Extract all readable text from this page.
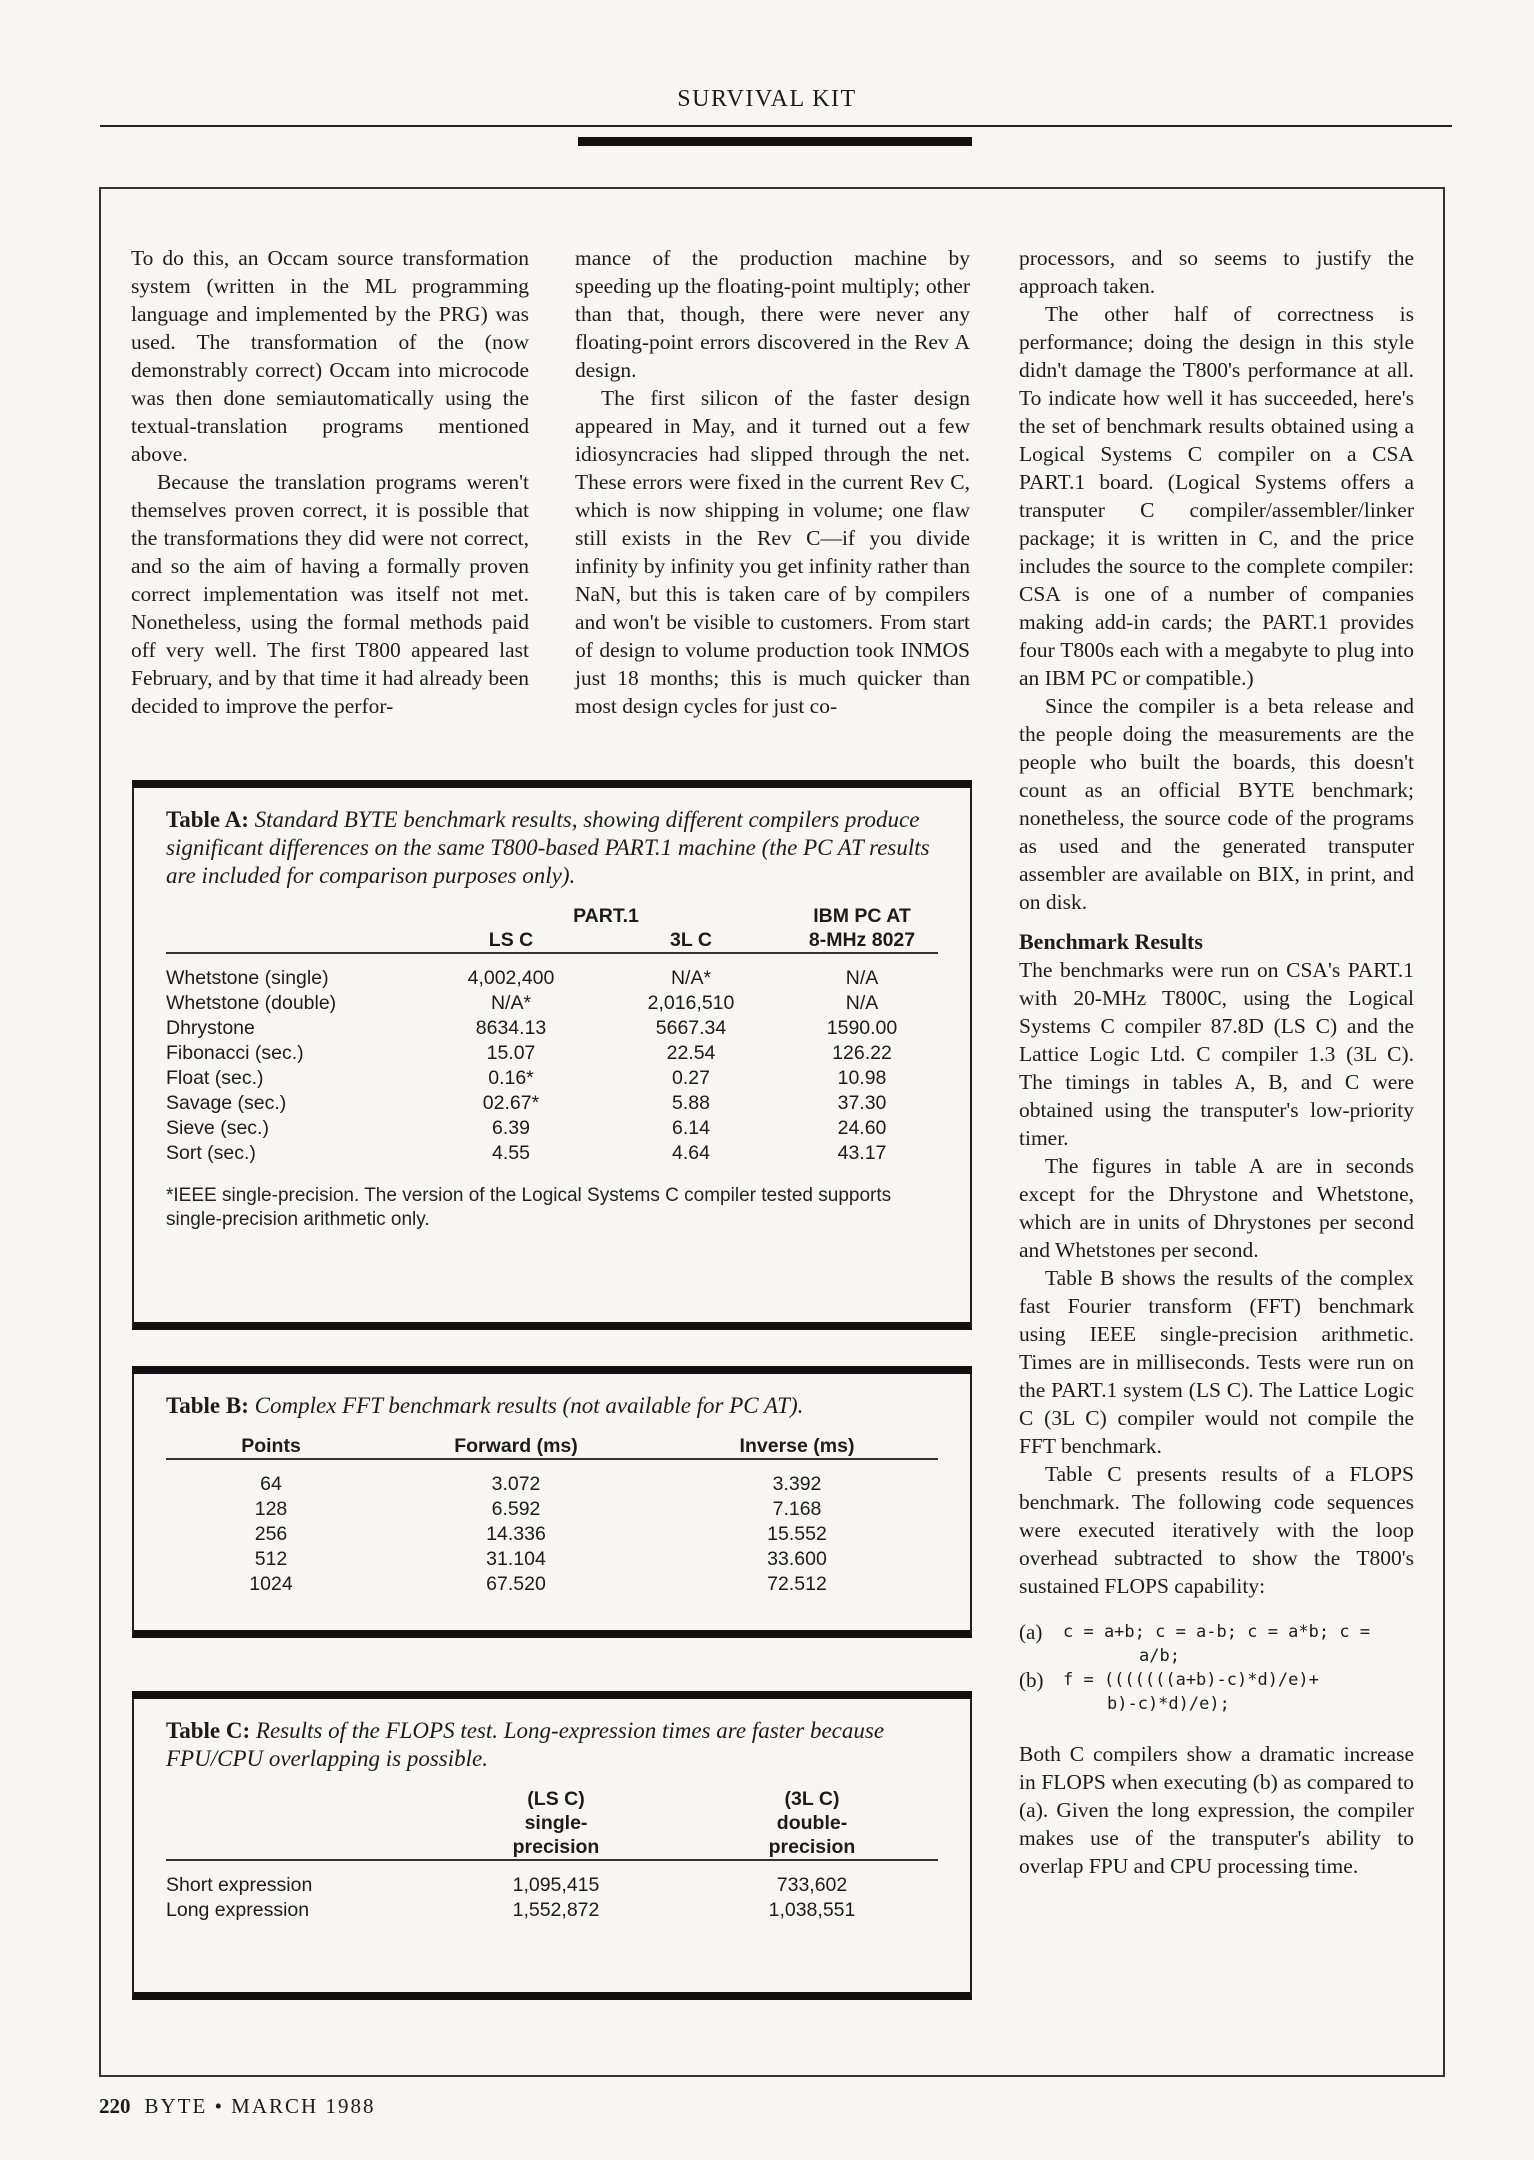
SURVIVAL KIT

To do this, an Occam source transformation system (written in the ML programming language and implemented by the PRG) was used. The transformation of the (now demonstrably correct) Occam into microcode was then done semiautomatically using the textual-translation programs mentioned above.

Because the translation programs weren't themselves proven correct, it is possible that the transformations they did were not correct, and so the aim of having a formally proven correct implementation was itself not met. Nonetheless, using the formal methods paid off very well. The first T800 appeared last February, and by that time it had already been decided to improve the perfor-

mance of the production machine by speeding up the floating-point multiply; other than that, though, there were never any floating-point errors discovered in the Rev A design.

The first silicon of the faster design appeared in May, and it turned out a few idiosyncracies had slipped through the net. These errors were fixed in the current Rev C, which is now shipping in volume; one flaw still exists in the Rev C—if you divide infinity by infinity you get infinity rather than NaN, but this is taken care of by compilers and won't be visible to customers. From start of design to volume production took INMOS just 18 months; this is much quicker than most design cycles for just co-

processors, and so seems to justify the approach taken.

The other half of correctness is performance; doing the design in this style didn't damage the T800's performance at all. To indicate how well it has succeeded, here's the set of benchmark results obtained using a Logical Systems C compiler on a CSA PART.1 board. (Logical Systems offers a transputer C compiler/assembler/linker package; it is written in C, and the price includes the source to the complete compiler: CSA is one of a number of companies making add-in cards; the PART.1 provides four T800s each with a megabyte to plug into an IBM PC or compatible.)

Since the compiler is a beta release and the people doing the measurements are the people who built the boards, this doesn't count as an official BYTE benchmark; nonetheless, the source code of the programs as used and the generated transputer assembler are available on BIX, in print, and on disk.

Benchmark Results

The benchmarks were run on CSA's PART.1 with 20-MHz T800C, using the Logical Systems C compiler 87.8D (LS C) and the Lattice Logic Ltd. C compiler 1.3 (3L C). The timings in tables A, B, and C were obtained using the transputer's low-priority timer.

The figures in table A are in seconds except for the Dhrystone and Whetstone, which are in units of Dhrystones per second and Whetstones per second.

Table B shows the results of the complex fast Fourier transform (FFT) benchmark using IEEE single-precision arithmetic. Times are in milliseconds. Tests were run on the PART.1 system (LS C). The Lattice Logic C (3L C) compiler would not compile the FFT benchmark.

Table C presents results of a FLOPS benchmark. The following code sequences were executed iteratively with the loop overhead subtracted to show the T800's sustained FLOPS capability:

(a)	c = a+b; c = a-b; c = a*b; c =
a/b;
(b)	f = (((((((a+b)-c)*d)/e)+
b)-c)*d)/e);

Both C compilers show a dramatic increase in FLOPS when executing (b) as compared to (a). Given the long expression, the compiler makes use of the transputer's ability to overlap FPU and CPU processing time.

Table A: Standard BYTE benchmark results, showing different compilers produce significant differences on the same T800-based PART.1 machine (the PC AT results are included for comparison purposes only).
	PART.1		IBM PC AT
	LS C	3L C	8-MHz 8027

Whetstone (single)	4,002,400	N/A*	N/A
Whetstone (double)	N/A*	2,016,510	N/A
Dhrystone	8634.13	5667.34	1590.00
Fibonacci (sec.)	15.07	22.54	126.22
Float (sec.)	0.16*	0.27	10.98
Savage (sec.)	02.67*	5.88	37.30
Sieve (sec.)	6.39	6.14	24.60
Sort (sec.)	4.55	4.64	43.17
*IEEE single-precision. The version of the Logical Systems C compiler tested supports single-precision arithmetic only.
Table B: Complex FFT benchmark results (not available for PC AT).
Points	Forward (ms)	Inverse (ms)

64	3.072	3.392
128	6.592	7.168
256	14.336	15.552
512	31.104	33.600
1024	67.520	72.512
Table C: Results of the FLOPS test. Long-expression times are faster because FPU/CPU overlapping is possible.
	(LS C)	(3L C)
	single-	double-
	precision	precision

Short expression	1,095,415	733,602
Long expression	1,552,872	1,038,551
220 BYTE • MARCH 1988
